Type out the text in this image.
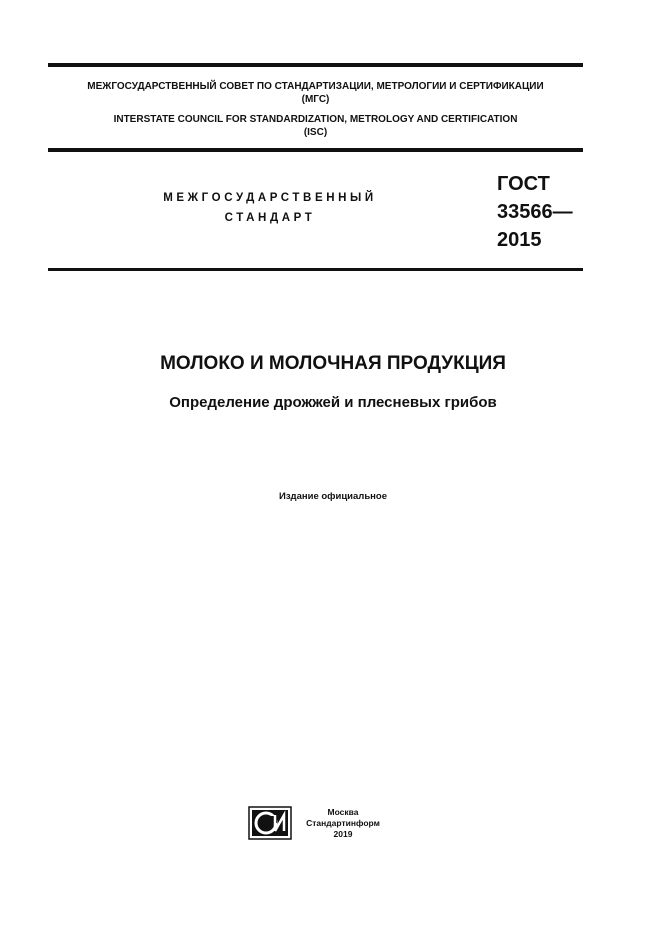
МЕЖГОСУДАРСТВЕННЫЙ СОВЕТ ПО СТАНДАРТИЗАЦИИ, МЕТРОЛОГИИ И СЕРТИФИКАЦИИ
(МГС)
INTERSTATE COUNCIL FOR STANDARDIZATION, METROLOGY AND CERTIFICATION
(ISC)
МЕЖГОСУДАРСТВЕННЫЙ
СТАНДАРТ
ГОСТ
33566—
2015
МОЛОКО И МОЛОЧНАЯ ПРОДУКЦИЯ
Определение дрожжей и плесневых грибов
Издание официальное
Москва
Стандартинформ
2019
